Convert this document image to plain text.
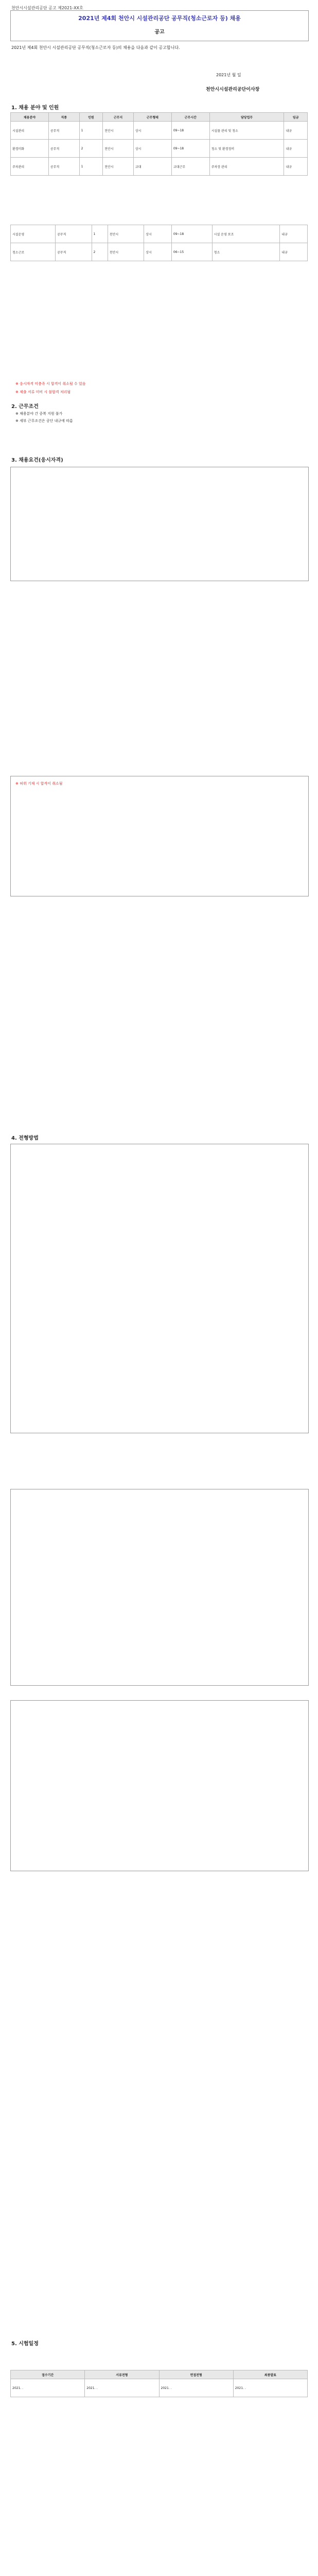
천안시시설관리공단 공고 제2021-XX호
2021년 제4회 천안시 시설관리공단 공무직(청소근로자 등) 채용
공고
2021년 제4회 천안시 시설관리공단 공무직(청소근로자 등)의 채용을 다음과 같이 공고합니다.
2021년 월 일
천안시시설관리공단이사장
1. 채용 분야 및 인원
채용분야	직종	인원	근무지	근무형태	근무시간	담당업무	임금
시설관리	공무직	1	천안시	상시	09~18	시설물 관리 및 청소	내규
환경미화	공무직	2	천안시	상시	09~18	청소 및 환경정비	내규
주차관리	공무직	1	천안시	교대	교대근무	주차장 관리	내규
시설운영	공무직	1	천안시	상시	09~18	시설 운영 보조	내규
청소근로	공무직	2	천안시	상시	06~15	청소	내규
※ 응시자격 미충족 시 합격이 취소될 수 있음
※ 제출 서류 미비 시 불합격 처리됨
2. 근무조건
※ 채용분야 간 중복 지원 불가
※ 세부 근무조건은 공단 내규에 따름
3. 채용요건(응시자격)
※ 허위 기재 시 합격이 취소됨
4. 전형방법
5. 시험일정
접수기간	서류전형	면접전형	최종발표
2021. .	2021. .	2021. .	2021. .
